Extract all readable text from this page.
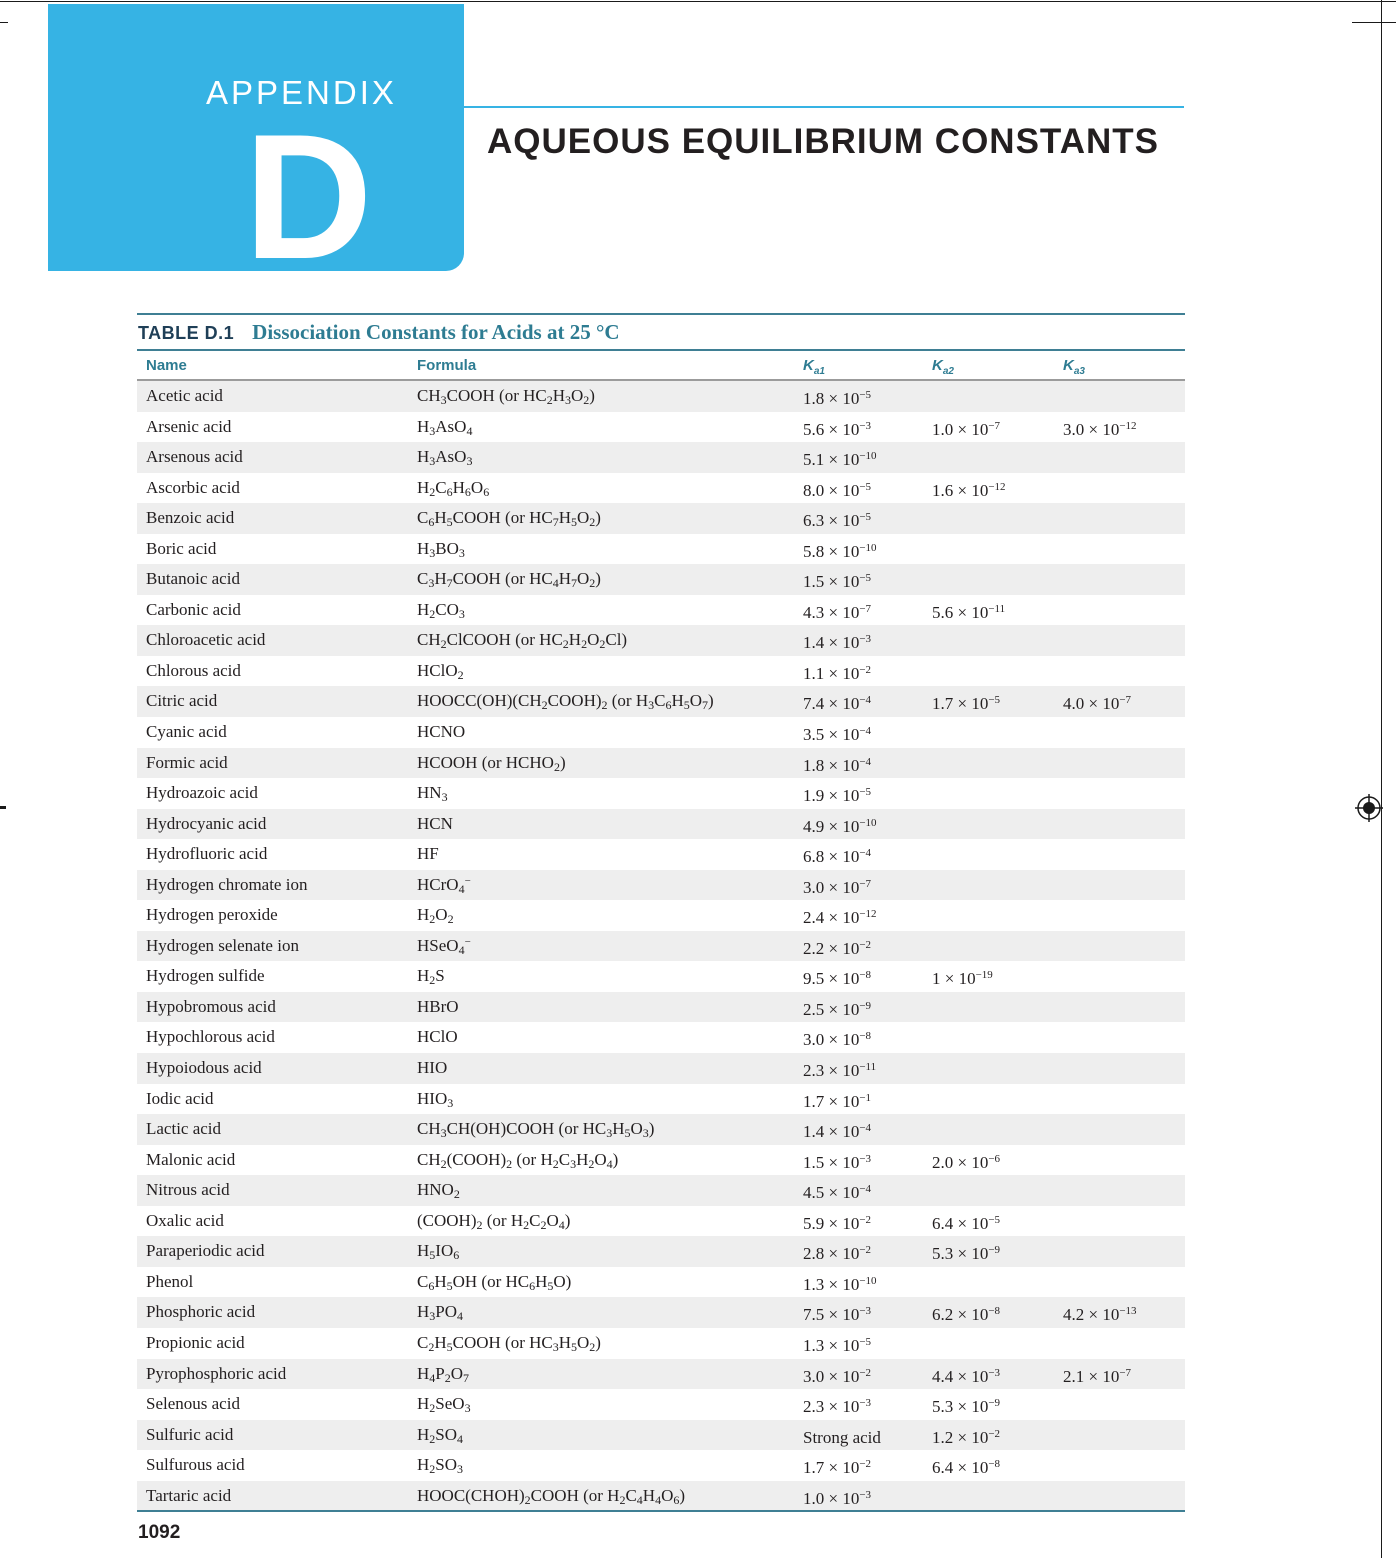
APPENDIX
D	AQUEOUS EQUILIBRIUM CONSTANTS
TABLE D.1 Dissociation Constants for Acids at 25 °C
Name	Formula	$K_{a1}$	$K_{a2}$	$K_{a3}$
Acetic acid	$CH_3COOH$ (or $HC_2H_3O_2$)	$1.8 \times 10^{-5}$
Arsenic acid	$H_3AsO_4$	$5.6 \times 10^{-3}$	$1.0 \times 10^{-7}$	$3.0 \times 10^{-12}$
Arsenous acid	$H_3AsO_3$	$5.1 \times 10^{-10}$
Ascorbic acid	$H_2C_6H_6O_6$	$8.0 \times 10^{-5}$	$1.6 \times 10^{-12}$
Benzoic acid	$C_6H_5COOH$ (or $HC_7H_5O_2$)	$6.3 \times 10^{-5}$
Boric acid	$H_3BO_3$	$5.8 \times 10^{-10}$
Butanoic acid	$C_3H_7COOH$ (or $HC_4H_7O_2$)	$1.5 \times 10^{-5}$
Carbonic acid	$H_2CO_3$	$4.3 \times 10^{-7}$	$5.6 \times 10^{-11}$
Chloroacetic acid	$CH_2ClCOOH$ (or $HC_2H_2O_2Cl$)	$1.4 \times 10^{-3}$
Chlorous acid	HClO$_2$	$1.1 \times 10^{-2}$
Citric acid	$HOOCC(OH)(CH_2COOH)_2$ (or $H_3C_6H_5O_7$)	$7.4 \times 10^{-4}$	$1.7 \times 10^{-5}$	$4.0 \times 10^{-7}$
Cyanic acid	HCNO	$3.5 \times 10^{-4}$
Formic acid	HCOOH (or $HCHO_2$)	$1.8 \times 10^{-4}$
Hydroazoic acid	$HN_3$	$1.9 \times 10^{-5}$
Hydrocyanic acid	HCN	$4.9 \times 10^{-10}$
Hydrofluoric acid	HF	$6.8 \times 10^{-4}$
Hydrogen chromate ion	HCrO$_4$−	$3.0 \times 10^{-7}$
Hydrogen peroxide	$H_2O_2$	$2.4 \times 10^{-12}$
Hydrogen selenate ion	HSeO$_4$−	$2.2 \times 10^{-2}$
Hydrogen sulfide	$H_2S$	$9.5 \times 10^{-8}$	$1 \times 10^{-19}$
Hypobromous acid	HBrO	$2.5 \times 10^{-9}$
Hypochlorous acid	HClO	$3.0 \times 10^{-8}$
Hypoiodous acid	HIO	$2.3 \times 10^{-11}$
Iodic acid	$HIO_3$	$1.7 \times 10^{-1}$
Lactic acid	$CH_3CH(OH)COOH$ (or $HC_3H_5O_3$)	$1.4 \times 10^{-4}$
Malonic acid	$CH_2(COOH)_2$ (or $H_2C_3H_2O_4$)	$1.5 \times 10^{-3}$	$2.0 \times 10^{-6}$
Nitrous acid	$HNO_2$	$4.5 \times 10^{-4}$
Oxalic acid	$(COOH)_2$ (or $H_2C_2O_4$)	$5.9 \times 10^{-2}$	$6.4 \times 10^{-5}$
Paraperiodic acid	$H_5IO_6$	$2.8 \times 10^{-2}$	$5.3 \times 10^{-9}$
Phenol	$C_6H_5OH$ (or $HC_6H_5O$)	$1.3 \times 10^{-10}$
Phosphoric acid	$H_3PO_4$	$7.5 \times 10^{-3}$	$6.2 \times 10^{-8}$	$4.2 \times 10^{-13}$
Propionic acid	$C_2H_5COOH$ (or $HC_3H_5O_2$)	$1.3 \times 10^{-5}$
Pyrophosphoric acid	$H_4P_2O_7$	$3.0 \times 10^{-2}$	$4.4 \times 10^{-3}$	$2.1 \times 10^{-7}$
Selenous acid	$H_2SeO_3$	$2.3 \times 10^{-3}$	$5.3 \times 10^{-9}$
Sulfuric acid	$H_2SO_4$	Strong acid	$1.2 \times 10^{-2}$
Sulfurous acid	$H_2SO_3$	$1.7 \times 10^{-2}$	$6.4 \times 10^{-8}$
Tartaric acid	$HOOC(CHOH)_2COOH$ (or $H_2C_4H_4O_6$)	$1.0 \times 10^{-3}$
1092
